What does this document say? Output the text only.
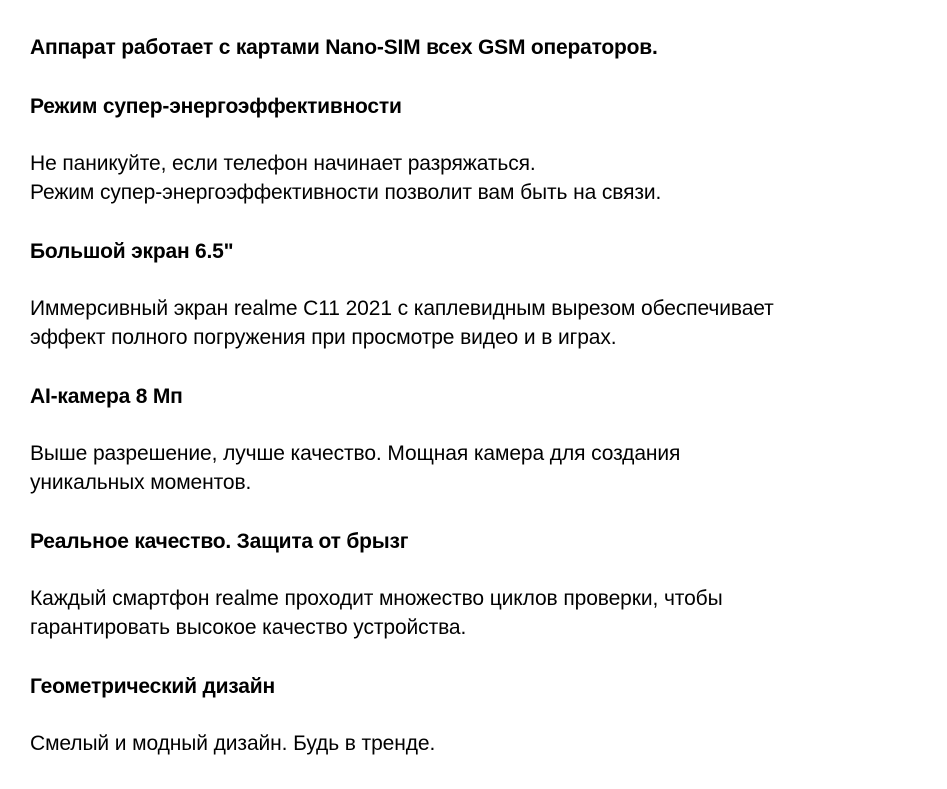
Аппарат работает с картами Nano-SIM всех GSM операторов.

Режим супер-энергоэффективности

Не паникуйте, если телефон начинает разряжаться.
Режим супер-энергоэффективности позволит вам быть на связи.

Большой экран 6.5"

Иммерсивный экран realme C11 2021 с каплевидным вырезом обеспечивает
эффект полного погружения при просмотре видео и в играх.

AI-камера 8 Мп

Выше разрешение, лучше качество. Мощная камера для создания
уникальных моментов.

Реальное качество. Защита от брызг

Каждый смартфон realme проходит множество циклов проверки, чтобы
гарантировать высокое качество устройства.

Геометрический дизайн

Смелый и модный дизайн. Будь в тренде.
